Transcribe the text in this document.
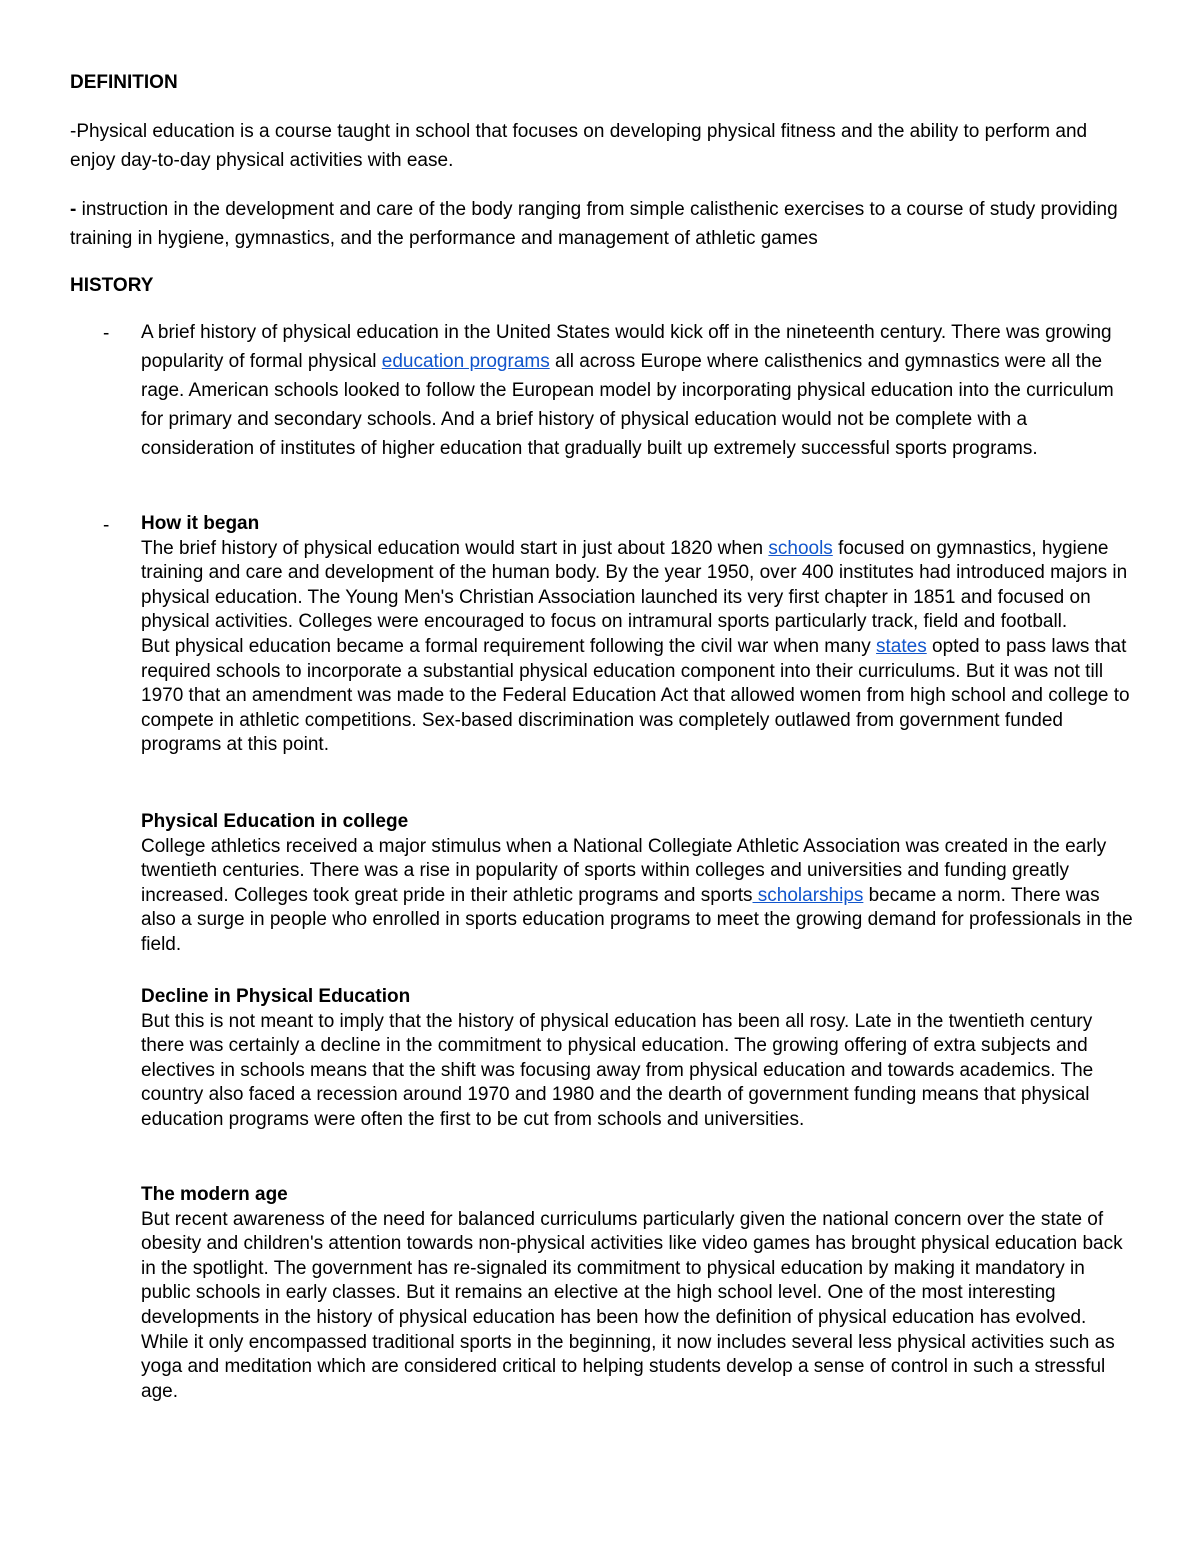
DEFINITION
-Physical education is a course taught in school that focuses on developing physical fitness and the ability to perform and enjoy day-to-day physical activities with ease.
- instruction in the development and care of the body ranging from simple calisthenic exercises to a course of study providing training in hygiene, gymnastics, and the performance and management of athletic games
HISTORY
- A brief history of physical education in the United States would kick off in the nineteenth century. There was growing popularity of formal physical education programs all across Europe where calisthenics and gymnastics were all the rage. American schools looked to follow the European model by incorporating physical education into the curriculum for primary and secondary schools. And a brief history of physical education would not be complete with a consideration of institutes of higher education that gradually built up extremely successful sports programs.
- How it began
The brief history of physical education would start in just about 1820 when schools focused on gymnastics, hygiene training and care and development of the human body. By the year 1950, over 400 institutes had introduced majors in physical education. The Young Men's Christian Association launched its very first chapter in 1851 and focused on physical activities. Colleges were encouraged to focus on intramural sports particularly track, field and football.
But physical education became a formal requirement following the civil war when many states opted to pass laws that required schools to incorporate a substantial physical education component into their curriculums. But it was not till 1970 that an amendment was made to the Federal Education Act that allowed women from high school and college to compete in athletic competitions. Sex-based discrimination was completely outlawed from government funded programs at this point.
Physical Education in college
College athletics received a major stimulus when a National Collegiate Athletic Association was created in the early twentieth centuries. There was a rise in popularity of sports within colleges and universities and funding greatly increased. Colleges took great pride in their athletic programs and sports scholarships became a norm. There was also a surge in people who enrolled in sports education programs to meet the growing demand for professionals in the field.
Decline in Physical Education
But this is not meant to imply that the history of physical education has been all rosy. Late in the twentieth century there was certainly a decline in the commitment to physical education. The growing offering of extra subjects and electives in schools means that the shift was focusing away from physical education and towards academics. The country also faced a recession around 1970 and 1980 and the dearth of government funding means that physical education programs were often the first to be cut from schools and universities.
The modern age
But recent awareness of the need for balanced curriculums particularly given the national concern over the state of obesity and children's attention towards non-physical activities like video games has brought physical education back in the spotlight. The government has re-signaled its commitment to physical education by making it mandatory in public schools in early classes. But it remains an elective at the high school level. One of the most interesting developments in the history of physical education has been how the definition of physical education has evolved. While it only encompassed traditional sports in the beginning, it now includes several less physical activities such as yoga and meditation which are considered critical to helping students develop a sense of control in such a stressful age.
